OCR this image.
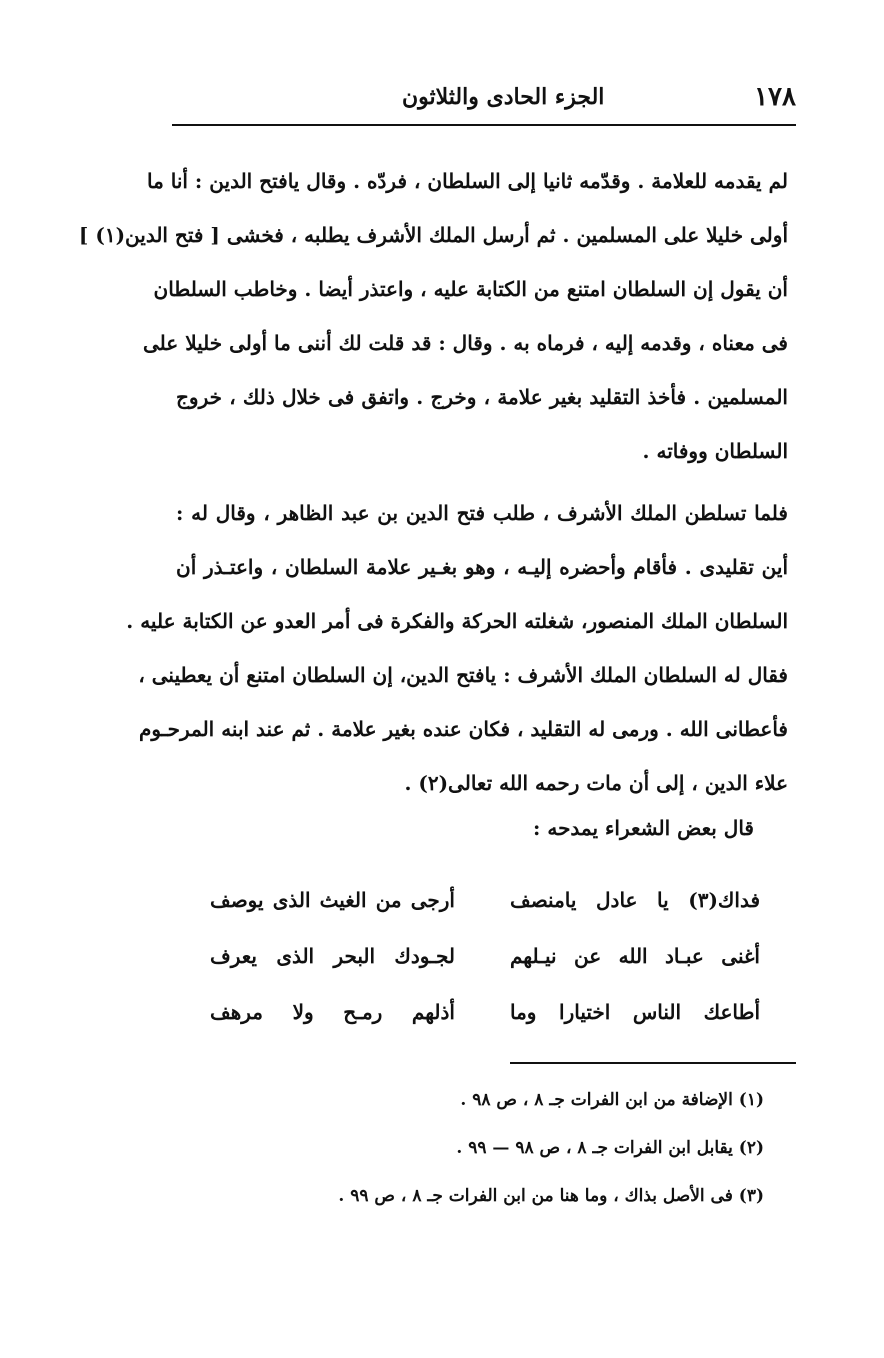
١٧٨
الجزء الحادى والثلاثون
لم يقدمه للعلامة . وقدّمه ثانيا إلى السلطان ، فردّه . وقال يافتح الدين : أنا ما
أولى خليلا على المسلمين . ثم أرسل الملك الأشرف يطلبه ، فخشى [ فتح الدين(١) ]
أن يقول إن السلطان امتنع من الكتابة عليه ، واعتذر أيضا . وخاطب السلطان
فى معناه ، وقدمه إليه ، فرماه به . وقال : قد قلت لك أننى ما أولى خليلا على
المسلمين . فأخذ التقليد بغير علامة ، وخرج . واتفق فى خلال ذلك ، خروج
السلطان ووفاته .
فلما تسلطن الملك الأشرف ، طلب فتح الدين بن عبد الظاهر ، وقال له :
أين تقليدى . فأقام وأحضره إليـه ، وهو بغـير علامة السلطان ، واعتـذر أن
السلطان الملك المنصور، شغلته الحركة والفكرة فى أمر العدو عن الكتابة عليه .
فقال له السلطان الملك الأشرف : يافتح الدين، إن السلطان امتنع أن يعطينى ،
فأعطانى الله . ورمى له التقليد ، فكان عنده بغير علامة . ثم عند ابنه المرحـوم
علاء الدين ، إلى أن مات رحمه الله تعالى(٢) .
قال بعض الشعراء يمدحه :
فداك(٣) يا عادل يامنصف
أرجى من الغيث الذى يوصف
أغنى عبـاد الله عن نيـلهم
لجـودك البحر الذى يعرف
أطاعك الناس اختيارا وما
أذلهم رمـح ولا مرهف
(١) الإضافة من ابن الفرات جـ ٨ ، ص ٩٨ .
(٢) يقابل ابن الفرات جـ ٨ ، ص ٩٨ — ٩٩ .
(٣) فى الأصل بذاك ، وما هنا من ابن الفرات جـ ٨ ، ص ٩٩ .
